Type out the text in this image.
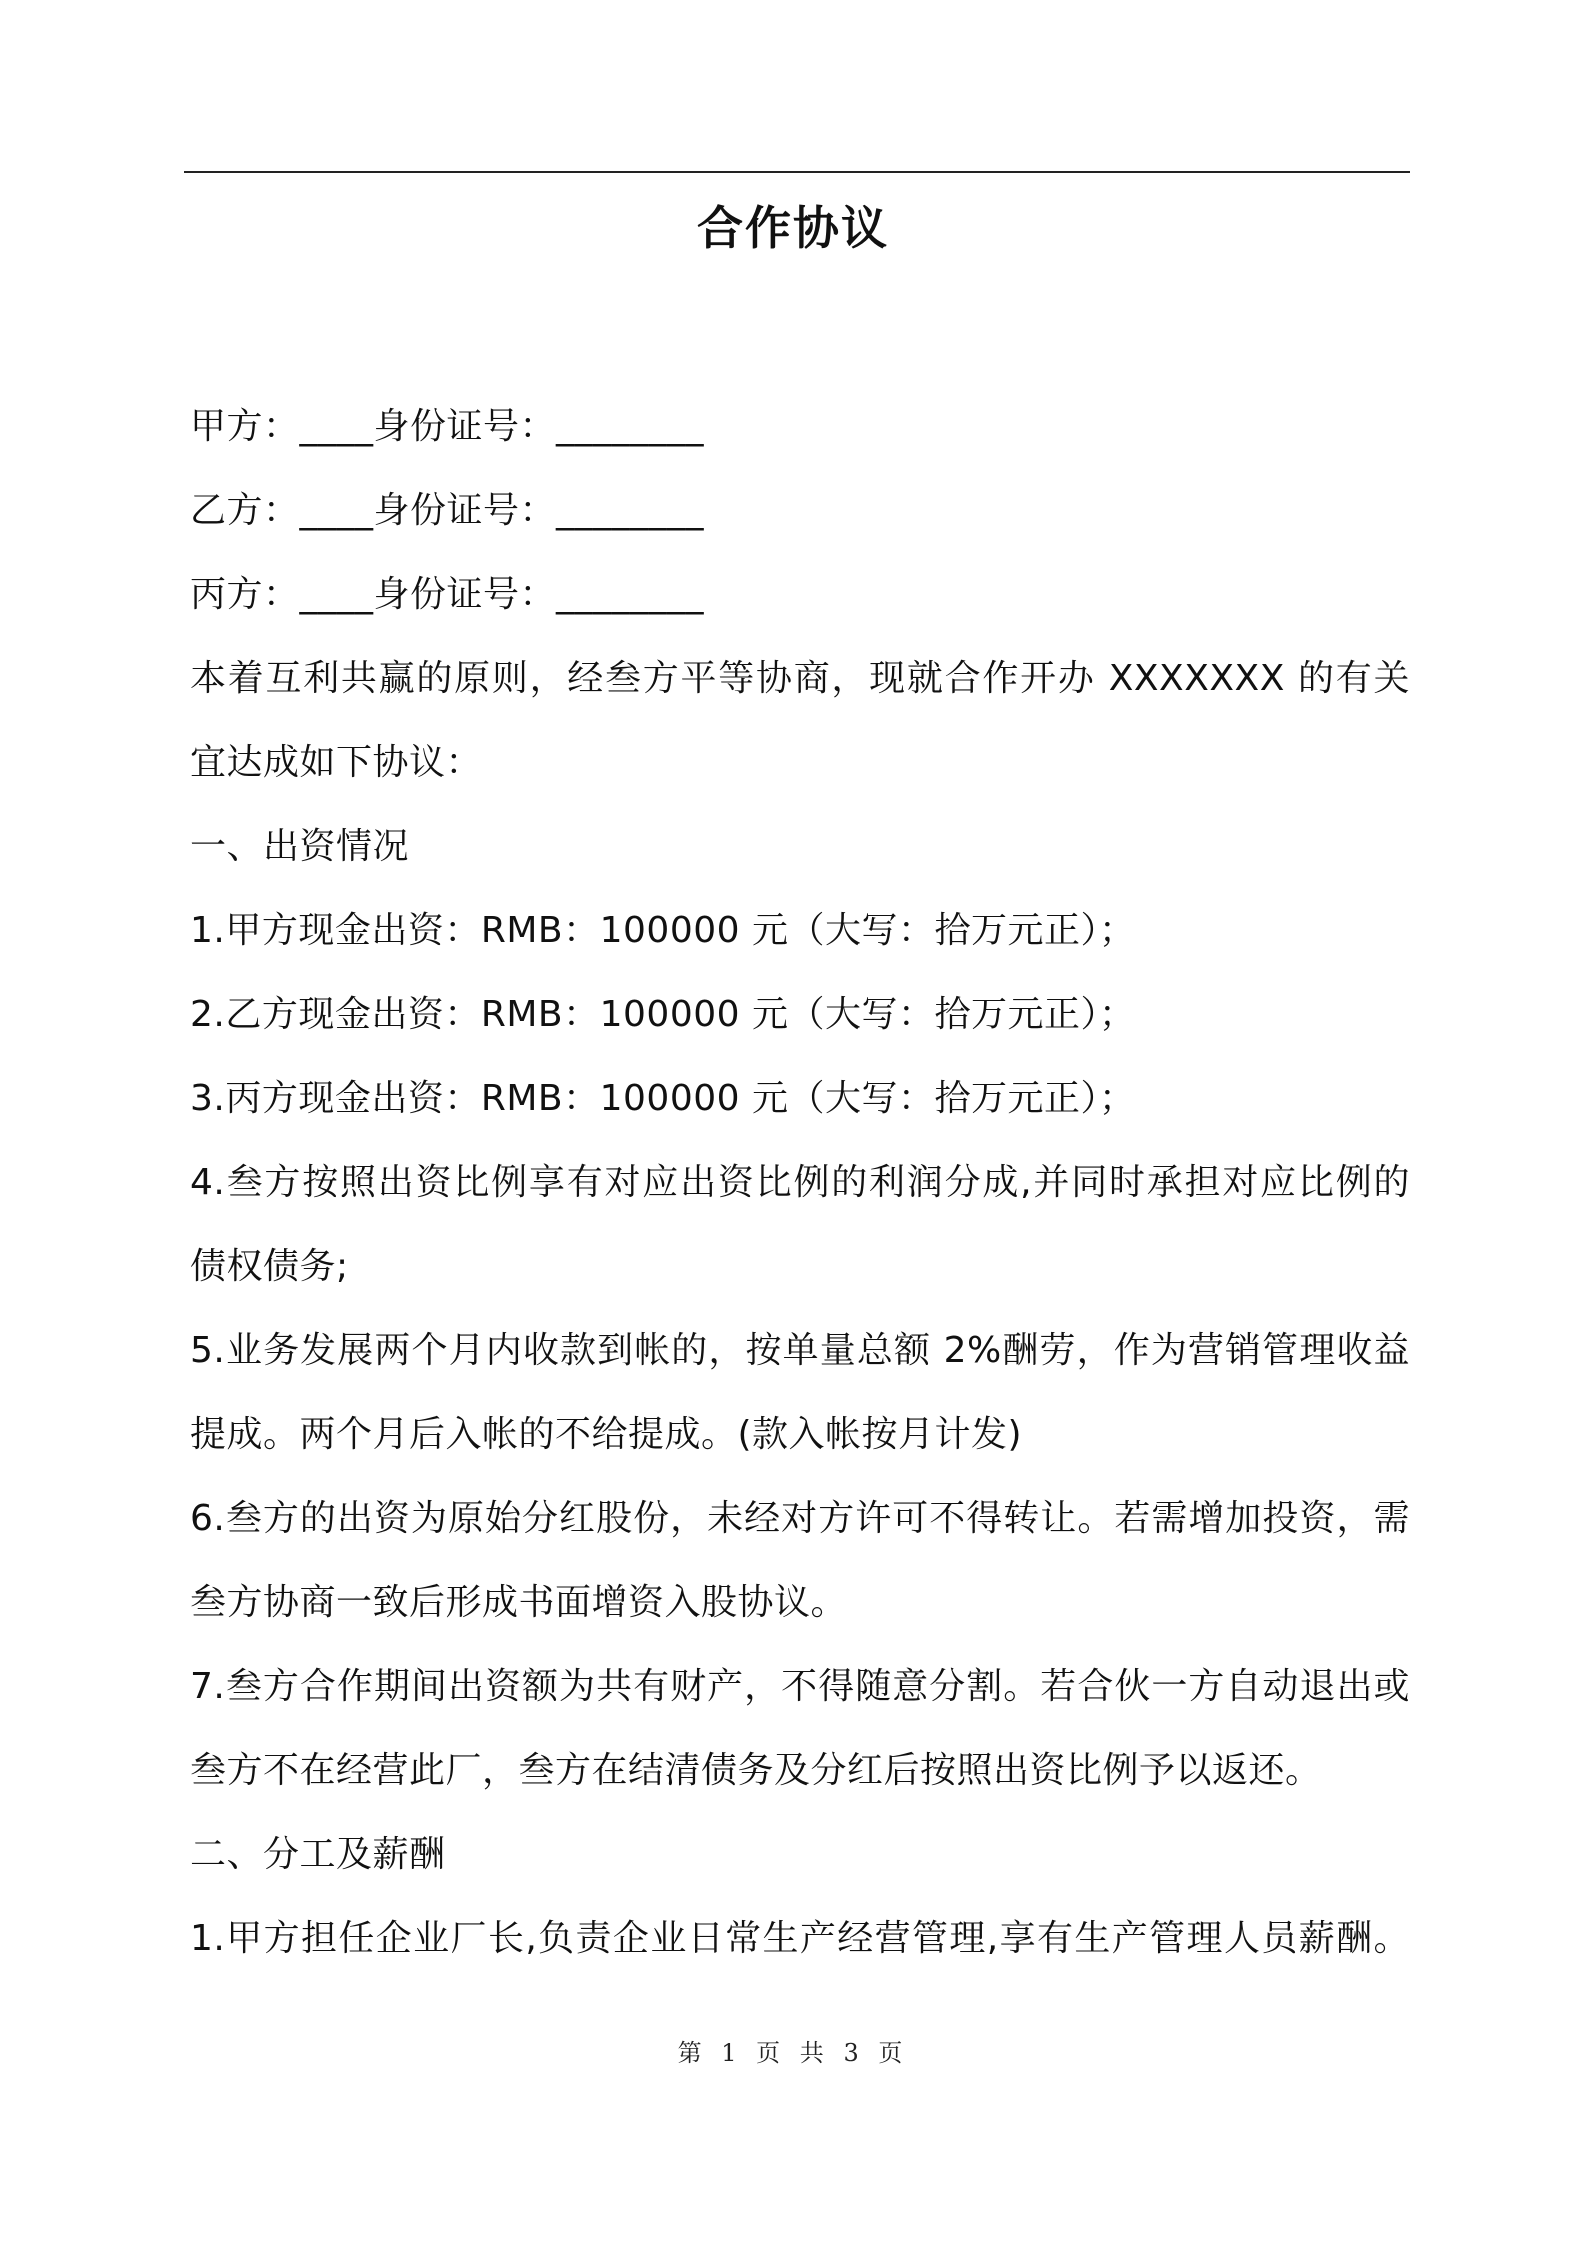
合作协议
甲方：____身份证号：________
乙方：____身份证号：________
丙方：____身份证号：________
本着互利共赢的原则，经叁方平等协商，现就合作开办 XXXXXXX 的有关
宜达成如下协议：
一、出资情况
1.甲方现金出资：RMB：100000 元（大写：拾万元正）；
2.乙方现金出资：RMB：100000 元（大写：拾万元正）；
3.丙方现金出资：RMB：100000 元（大写：拾万元正）；
4.叁方按照出资比例享有对应出资比例的利润分成,并同时承担对应比例的
债权债务;
5.业务发展两个月内收款到帐的，按单量总额 2%酬劳，作为营销管理收益
提成。两个月后入帐的不给提成。(款入帐按月计发)
6.叁方的出资为原始分红股份，未经对方许可不得转让。若需增加投资，需
叁方协商一致后形成书面增资入股协议。
7.叁方合作期间出资额为共有财产，不得随意分割。若合伙一方自动退出或
叁方不在经营此厂，叁方在结清债务及分红后按照出资比例予以返还。
二、分工及薪酬
1.甲方担任企业厂长,负责企业日常生产经营管理,享有生产管理人员薪酬。
第 1 页 共 3 页
